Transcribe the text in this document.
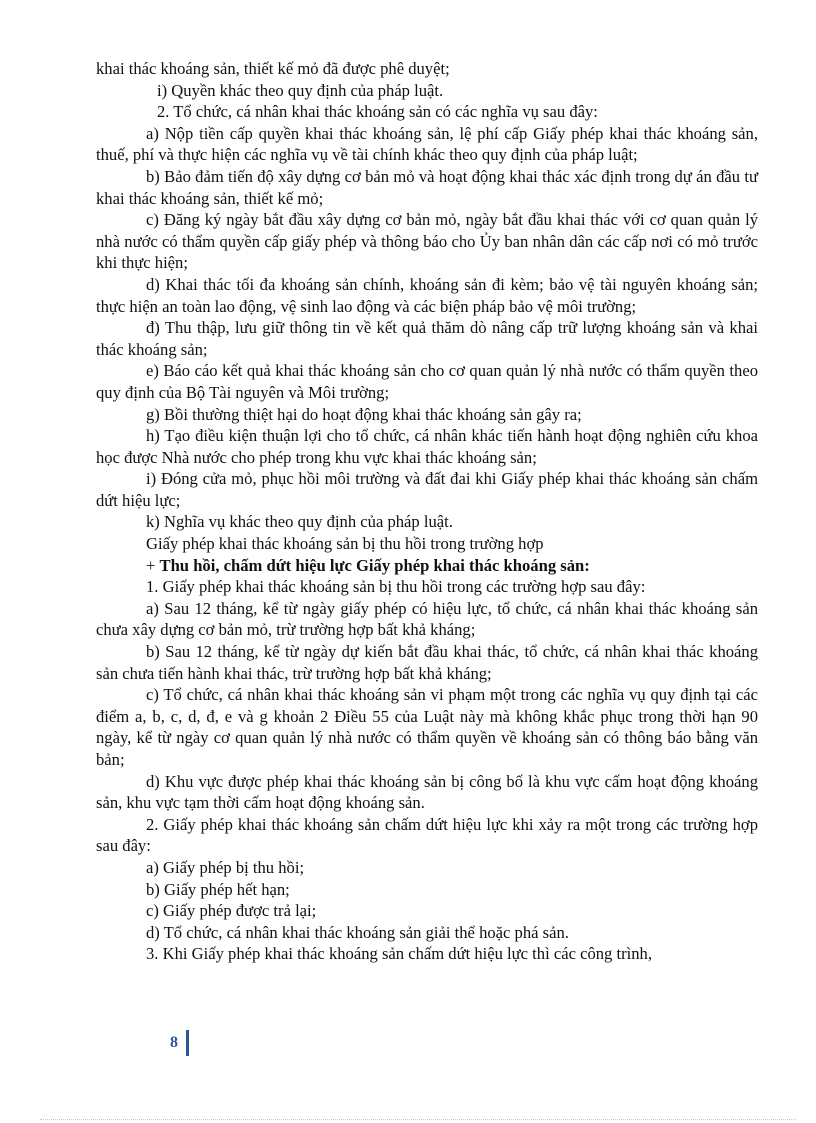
khai thác khoáng sản, thiết kế mỏ đã được phê duyệt;

i) Quyền khác theo quy định của pháp luật.

2. Tổ chức, cá nhân khai thác khoáng sản có các nghĩa vụ sau đây:

a) Nộp tiền cấp quyền khai thác khoáng sản, lệ phí cấp Giấy phép khai thác khoáng sản, thuế, phí và thực hiện các nghĩa vụ về tài chính khác theo quy định của pháp luật;

b) Bảo đảm tiến độ xây dựng cơ bản mỏ và hoạt động khai thác xác định trong dự án đầu tư khai thác khoáng sản, thiết kế mỏ;

c) Đăng ký ngày bắt đầu xây dựng cơ bản mỏ, ngày bắt đầu khai thác với cơ quan quản lý nhà nước có thẩm quyền cấp giấy phép và thông báo cho Ủy ban nhân dân các cấp nơi có mỏ trước khi thực hiện;

d) Khai thác tối đa khoáng sản chính, khoáng sản đi kèm; bảo vệ tài nguyên khoáng sản; thực hiện an toàn lao động, vệ sinh lao động và các biện pháp bảo vệ môi trường;

đ) Thu thập, lưu giữ thông tin về kết quả thăm dò nâng cấp trữ lượng khoáng sản và khai thác khoáng sản;

e) Báo cáo kết quả khai thác khoáng sản cho cơ quan quản lý nhà nước có thẩm quyền theo quy định của Bộ Tài nguyên và Môi trường;

g) Bồi thường thiệt hại do hoạt động khai thác khoáng sản gây ra;

h) Tạo điều kiện thuận lợi cho tổ chức, cá nhân khác tiến hành hoạt động nghiên cứu khoa học được Nhà nước cho phép trong khu vực khai thác khoáng sản;

i) Đóng cửa mỏ, phục hồi môi trường và đất đai khi Giấy phép khai thác khoáng sản chấm dứt hiệu lực;

k) Nghĩa vụ khác theo quy định của pháp luật.

Giấy phép khai thác khoáng sản bị thu hồi trong trường hợp

+ Thu hồi, chấm dứt hiệu lực Giấy phép khai thác khoáng sản:

1. Giấy phép khai thác khoáng sản bị thu hồi trong các trường hợp sau đây:

a) Sau 12 tháng, kể từ ngày giấy phép có hiệu lực, tổ chức, cá nhân khai thác khoáng sản chưa xây dựng cơ bản mỏ, trừ trường hợp bất khả kháng;

b) Sau 12 tháng, kể từ ngày dự kiến bắt đầu khai thác, tổ chức, cá nhân khai thác khoáng sản chưa tiến hành khai thác, trừ trường hợp bất khả kháng;

c) Tổ chức, cá nhân khai thác khoáng sản vi phạm một trong các nghĩa vụ quy định tại các điểm a, b, c, d, đ, e và g khoản 2 Điều 55 của Luật này mà không khắc phục trong thời hạn 90 ngày, kể từ ngày cơ quan quản lý nhà nước có thẩm quyền về khoáng sản có thông báo bằng văn bản;

d) Khu vực được phép khai thác khoáng sản bị công bố là khu vực cấm hoạt động khoáng sản, khu vực tạm thời cấm hoạt động khoáng sản.

2. Giấy phép khai thác khoáng sản chấm dứt hiệu lực khi xảy ra một trong các trường hợp sau đây:

a) Giấy phép bị thu hồi;

b) Giấy phép hết hạn;

c) Giấy phép được trả lại;

d) Tổ chức, cá nhân khai thác khoáng sản giải thể hoặc phá sản.

3. Khi Giấy phép khai thác khoáng sản chấm dứt hiệu lực thì các công trình,

8
